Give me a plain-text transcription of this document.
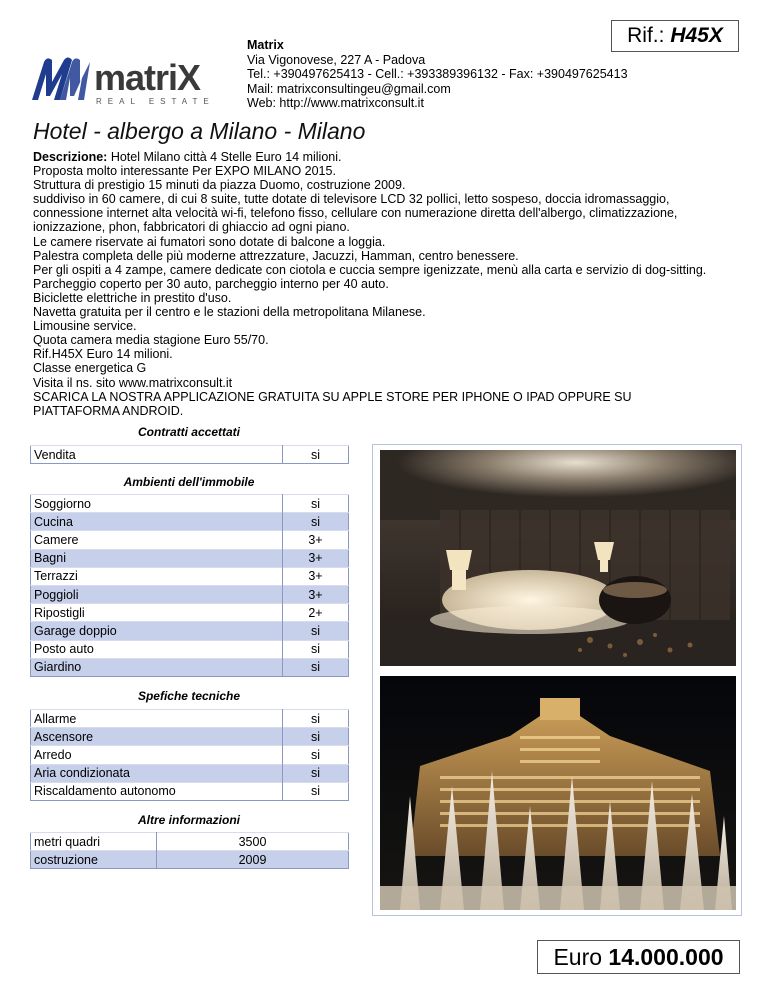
matriX
REAL ESTATE
Matrix
Via Vigonovese, 227 A - Padova
Tel.: +390497625413 - Cell.: +393389396132 - Fax: +390497625413
Mail: matrixconsultingeu@gmail.com
Web: http://www.matrixconsult.it
Rif.: H45X
Hotel - albergo a Milano - Milano
Descrizione: Hotel Milano città 4 Stelle Euro 14 milioni.
Proposta molto interessante Per EXPO MILANO 2015.
Struttura di prestigio 15 minuti da piazza Duomo, costruzione 2009.
suddiviso in 60 camere, di cui 8 suite, tutte dotate di televisore LCD 32 pollici, letto sospeso, doccia idromassaggio,
connessione internet alta velocità wi-fi, telefono fisso, cellulare con numerazione diretta dell'albergo, climatizzazione,
ionizzazione, phon, fabbricatori di ghiaccio ad ogni piano.
Le camere riservate ai fumatori sono dotate di balcone a loggia.
Palestra completa delle più moderne attrezzature, Jacuzzi, Hamman, centro benessere.
Per gli ospiti a 4 zampe, camere dedicate con ciotola e cuccia sempre igenizzate, menù alla carta e servizio di dog-sitting.
Parcheggio coperto per 30 auto, parcheggio interno per 40 auto.
Biciclette elettriche in prestito d'uso.
Navetta gratuita per il centro e le stazioni della metropolitana Milanese.
Limousine service.
Quota camera media stagione Euro 55/70.
Rif.H45X Euro 14 milioni.
Classe energetica G
Visita il ns. sito www.matrixconsult.it
SCARICA LA NOSTRA APPLICAZIONE GRATUITA SU APPLE STORE PER IPHONE O IPAD OPPURE SU
PIATTAFORMA ANDROID.
Contratti accettati
Vendita	si
Ambienti dell'immobile
Soggiorno	si
Cucina	si
Camere	3+
Bagni	3+
Terrazzi	3+
Poggioli	3+
Ripostigli	2+
Garage doppio	si
Posto auto	si
Giardino	si
Spefiche tecniche
Allarme	si
Ascensore	si
Arredo	si
Aria condizionata	si
Riscaldamento autonomo	si
Altre informazioni
metri quadri	3500
costruzione	2009
Euro 14.000.000
